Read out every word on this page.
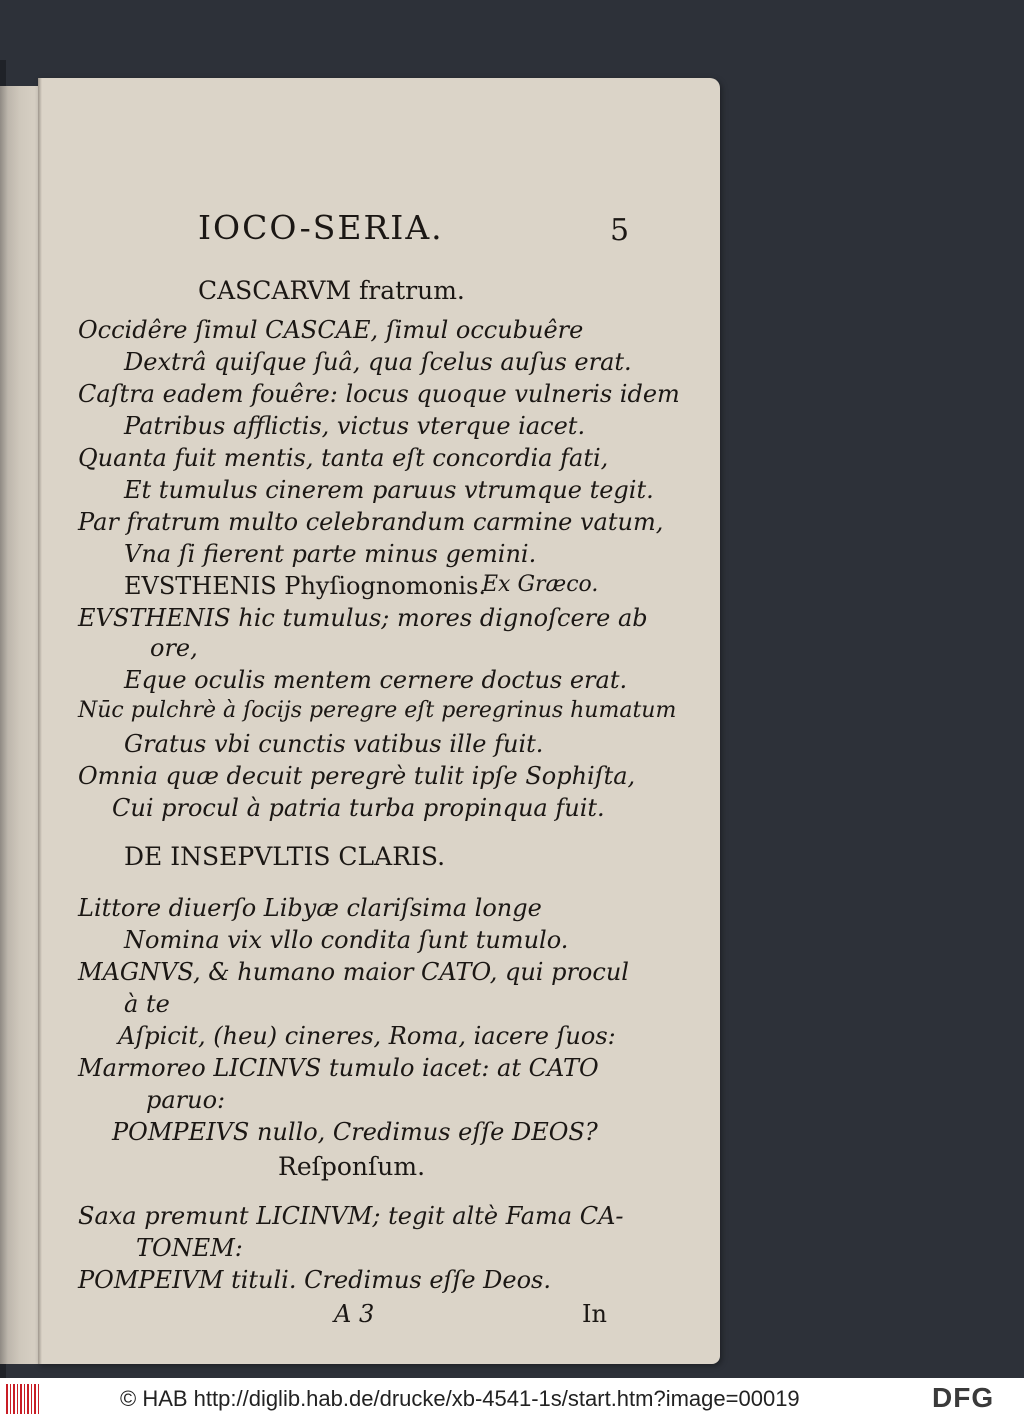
IOCO-SERIA.	5
CASCARVM fratrum.
Occidêre ſimul CASCAE, ſimul occubuêre
Dextrâ quiſque ſuâ, qua ſcelus auſus erat.
Caſtra eadem fouêre: locus quoque vulneris idem
Patribus afflictis, victus vterque iacet.
Quanta fuit mentis, tanta eſt concordia fati,
Et tumulus cinerem paruus vtrumque tegit.
Par fratrum multo celebrandum carmine vatum,
Vna ſi fierent parte minus gemini.
EVSTHENIS Phyſiognomonis.
Ex Græco.
EVSTHENIS hic tumulus; mores dignoſcere ab
ore,
Eque oculis mentem cernere doctus erat.
Nūc pulchrè à ſocijs peregre eſt peregrinus humatum
Gratus vbi cunctis vatibus ille fuit.
Omnia quæ decuit peregrè tulit ipſe Sophiſta,
Cui procul à patria turba propinqua fuit.
DE INSEPVLTIS CLARIS.
Littore diuerſo Libyæ clariſsima longe
Nomina vix vllo condita ſunt tumulo.
MAGNVS, & humano maior CATO, qui procul
à te
Aſpicit, (heu) cineres, Roma, iacere ſuos:
Marmoreo LICINVS tumulo iacet: at CATO
paruo:
POMPEIVS nullo, Credimus eſſe DEOS?
Reſponſum.
Saxa premunt LICINVM; tegit altè Fama CA-
TONEM:
POMPEIVM tituli. Credimus eſſe Deos.
A 3	In
© HAB http://diglib.hab.de/drucke/xb-4541-1s/start.htm?image=00019	DFG
